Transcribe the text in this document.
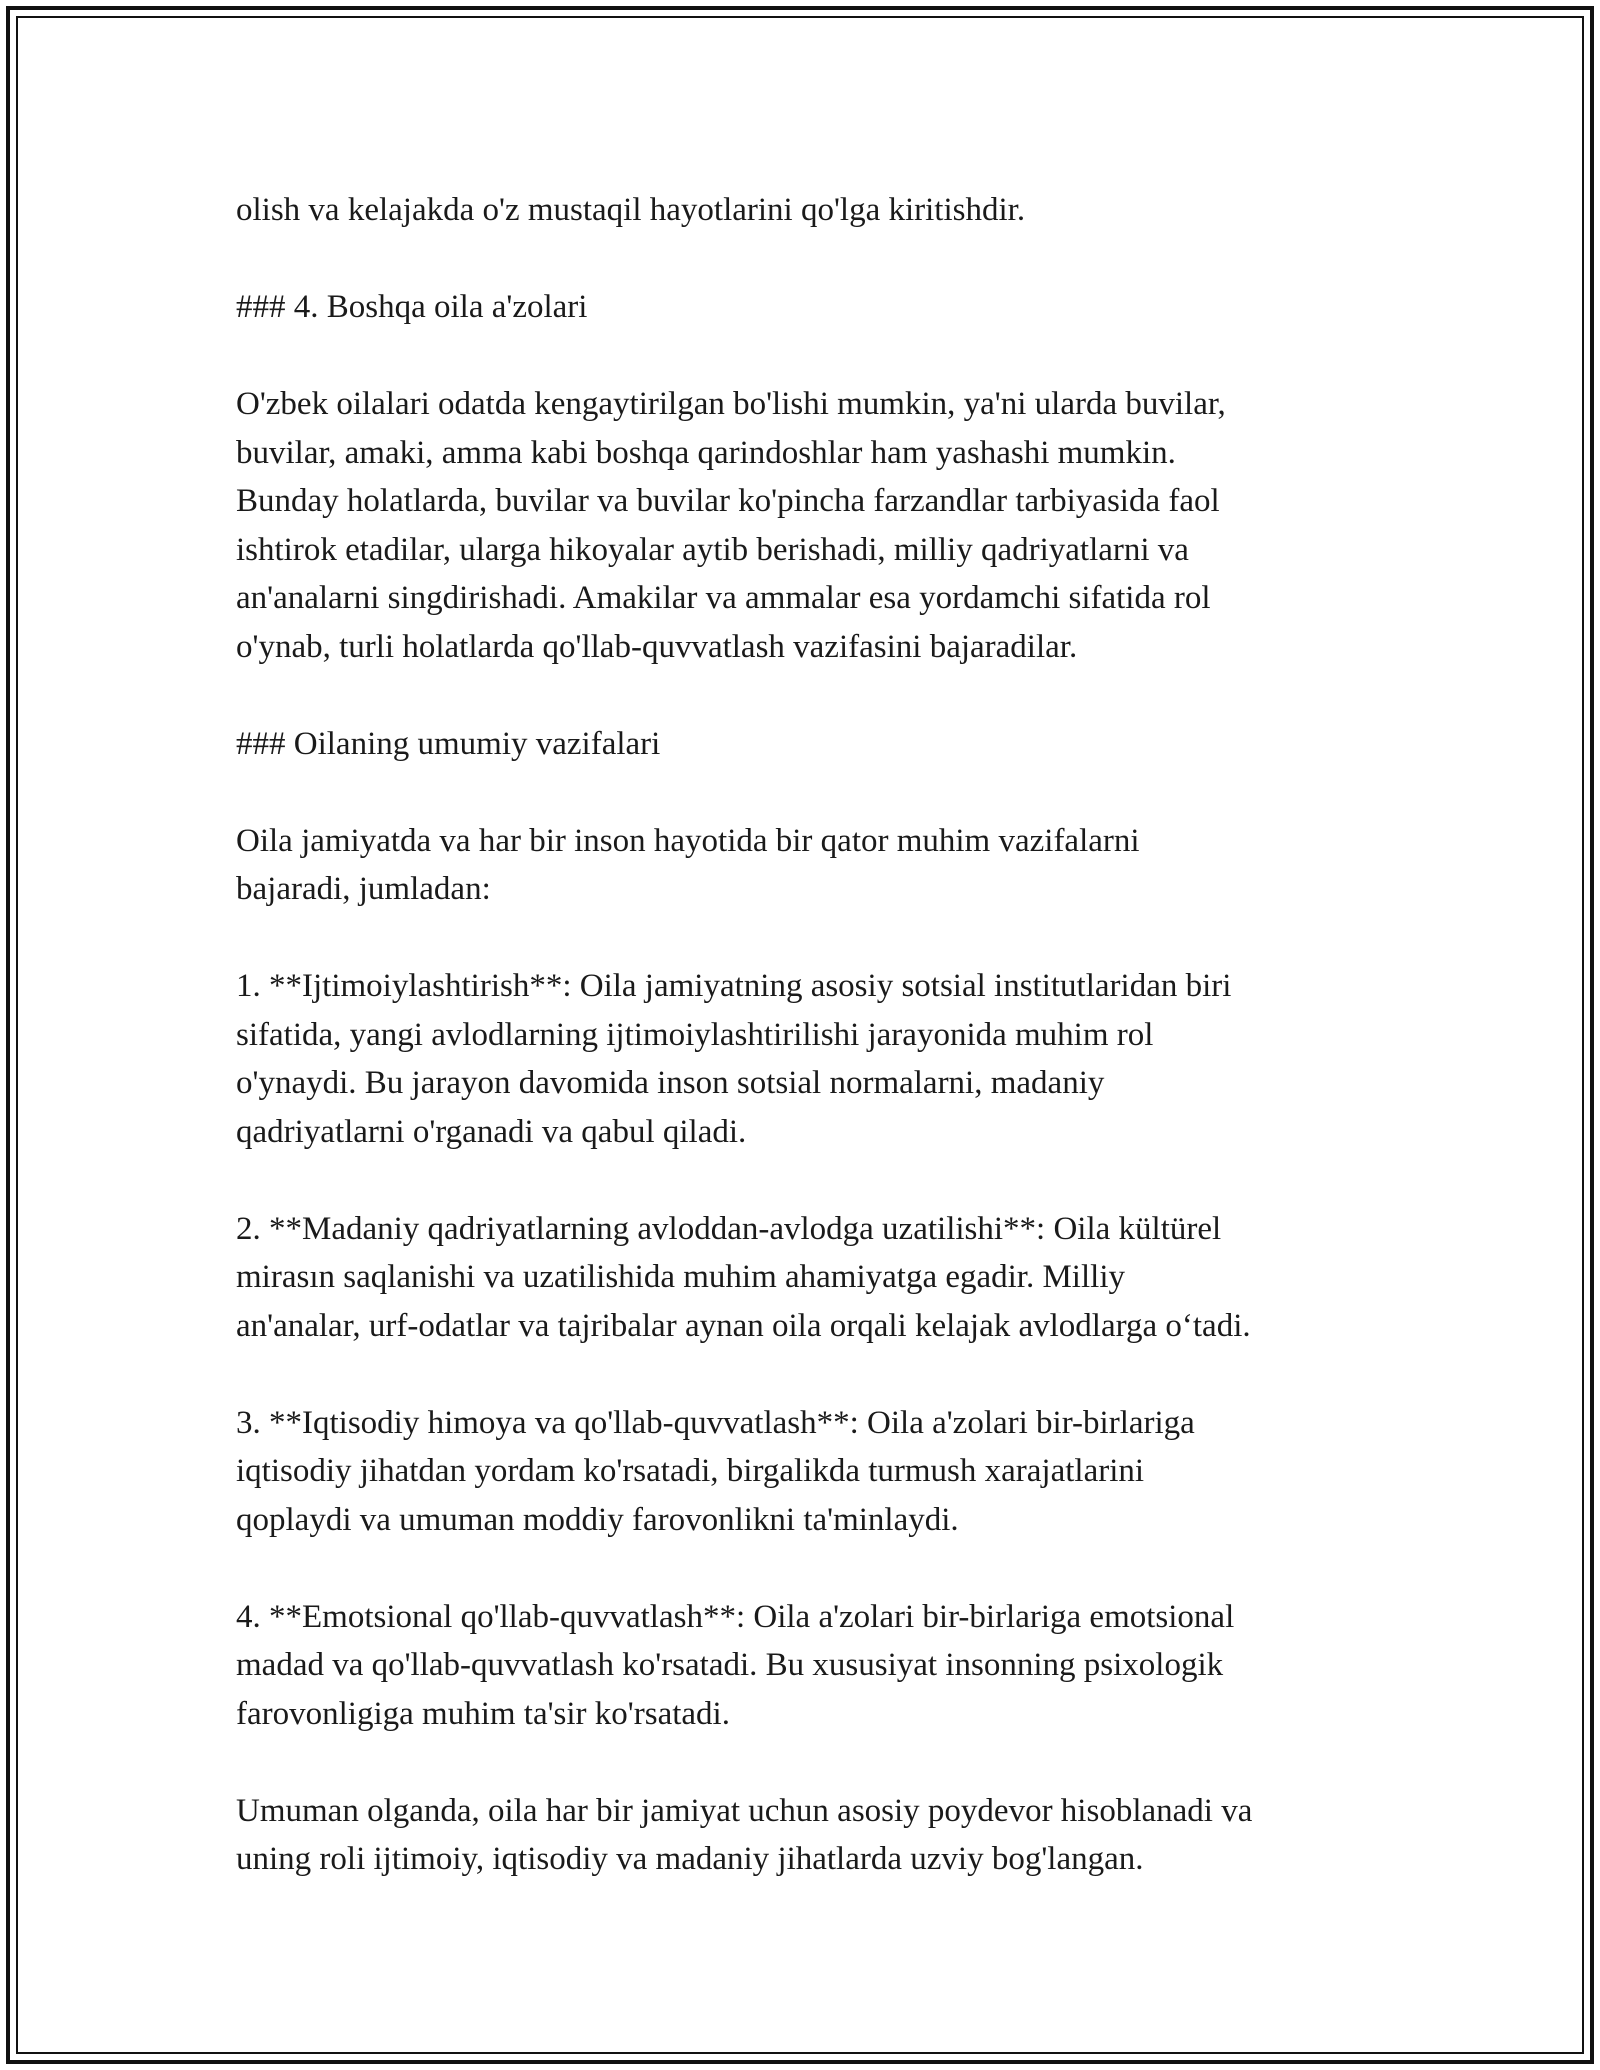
olish va kelajakda o'z mustaqil hayotlarini qo'lga kiritishdir.

### 4. Boshqa oila a'zolari

O'zbek oilalari odatda kengaytirilgan bo'lishi mumkin, ya'ni ularda buvilar,
buvilar, amaki, amma kabi boshqa qarindoshlar ham yashashi mumkin.
Bunday holatlarda, buvilar va buvilar ko'pincha farzandlar tarbiyasida faol
ishtirok etadilar, ularga hikoyalar aytib berishadi, milliy qadriyatlarni va
an'analarni singdirishadi. Amakilar va ammalar esa yordamchi sifatida rol
o'ynab, turli holatlarda qo'llab-quvvatlash vazifasini bajaradilar.

### Oilaning umumiy vazifalari

Oila jamiyatda va har bir inson hayotida bir qator muhim vazifalarni
bajaradi, jumladan:

1. **Ijtimoiylashtirish**: Oila jamiyatning asosiy sotsial institutlaridan biri
sifatida, yangi avlodlarning ijtimoiylashtirilishi jarayonida muhim rol
o'ynaydi. Bu jarayon davomida inson sotsial normalarni, madaniy
qadriyatlarni o'rganadi va qabul qiladi.

2. **Madaniy qadriyatlarning avloddan-avlodga uzatilishi**: Oila kültürel
mirasın saqlanishi va uzatilishida muhim ahamiyatga egadir. Milliy
an'analar, urf-odatlar va tajribalar aynan oila orqali kelajak avlodlarga o‘tadi.

3. **Iqtisodiy himoya va qo'llab-quvvatlash**: Oila a'zolari bir-birlariga
iqtisodiy jihatdan yordam ko'rsatadi, birgalikda turmush xarajatlarini
qoplaydi va umuman moddiy farovonlikni ta'minlaydi.

4. **Emotsional qo'llab-quvvatlash**: Oila a'zolari bir-birlariga emotsional
madad va qo'llab-quvvatlash ko'rsatadi. Bu xususiyat insonning psixologik
farovonligiga muhim ta'sir ko'rsatadi.

Umuman olganda, oila har bir jamiyat uchun asosiy poydevor hisoblanadi va
uning roli ijtimoiy, iqtisodiy va madaniy jihatlarda uzviy bog'langan.
